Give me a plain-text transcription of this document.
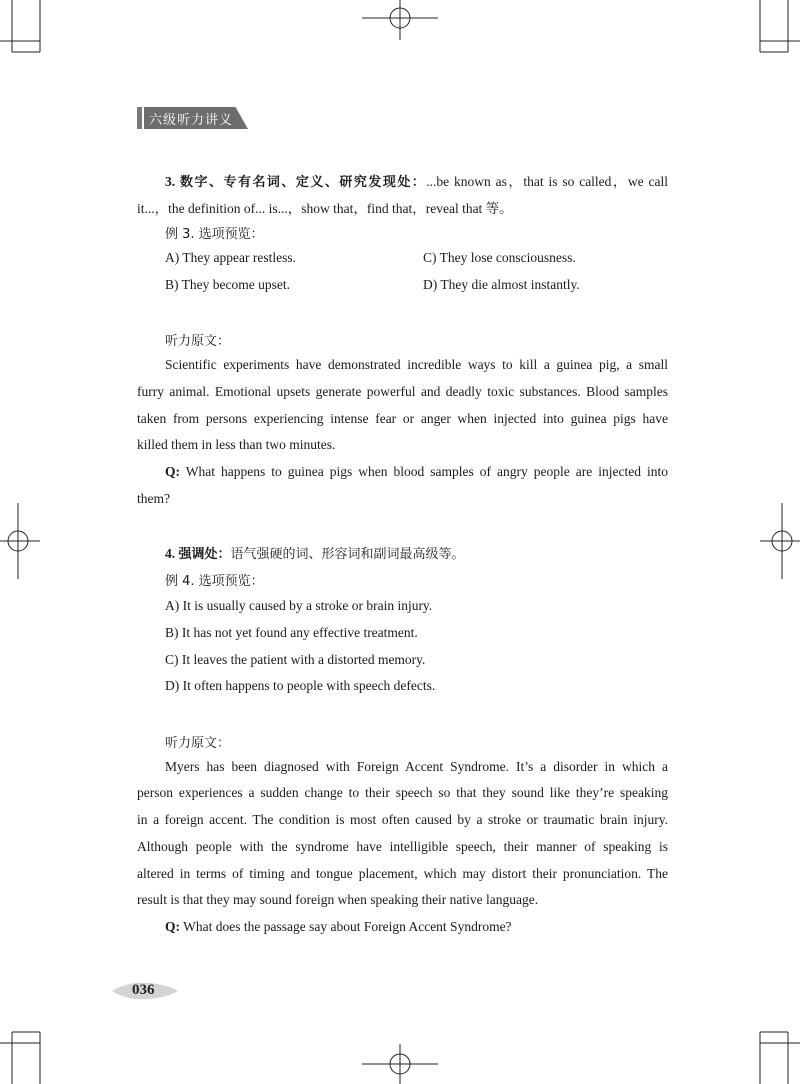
六级听力讲义
3. 数字、专有名词、定义、研究发现处：...be known as，that is so called，we call
it...，the definition of... is...，show that，find that，reveal that 等。
例 3. 选项预览：
A) They appear restless.	C) They lose consciousness.
B) They become upset.	D) They die almost instantly.
听力原文：
Scientific experiments have demonstrated incredible ways to kill a guinea pig, a small
furry animal. Emotional upsets generate powerful and deadly toxic substances. Blood samples
taken from persons experiencing intense fear or anger when injected into guinea pigs have
killed them in less than two minutes.
Q: What happens to guinea pigs when blood samples of angry people are injected into
them?
4. 强调处：语气强硬的词、形容词和副词最高级等。
例 4. 选项预览：
A) It is usually caused by a stroke or brain injury.
B) It has not yet found any effective treatment.
C) It leaves the patient with a distorted memory.
D) It often happens to people with speech defects.
听力原文：
Myers has been diagnosed with Foreign Accent Syndrome. It’s a disorder in which a
person experiences a sudden change to their speech so that they sound like they’re speaking
in a foreign accent. The condition is most often caused by a stroke or traumatic brain injury.
Although people with the syndrome have intelligible speech, their manner of speaking is
altered in terms of timing and tongue placement, which may distort their pronunciation. The
result is that they may sound foreign when speaking their native language.
Q: What does the passage say about Foreign Accent Syndrome?
036
